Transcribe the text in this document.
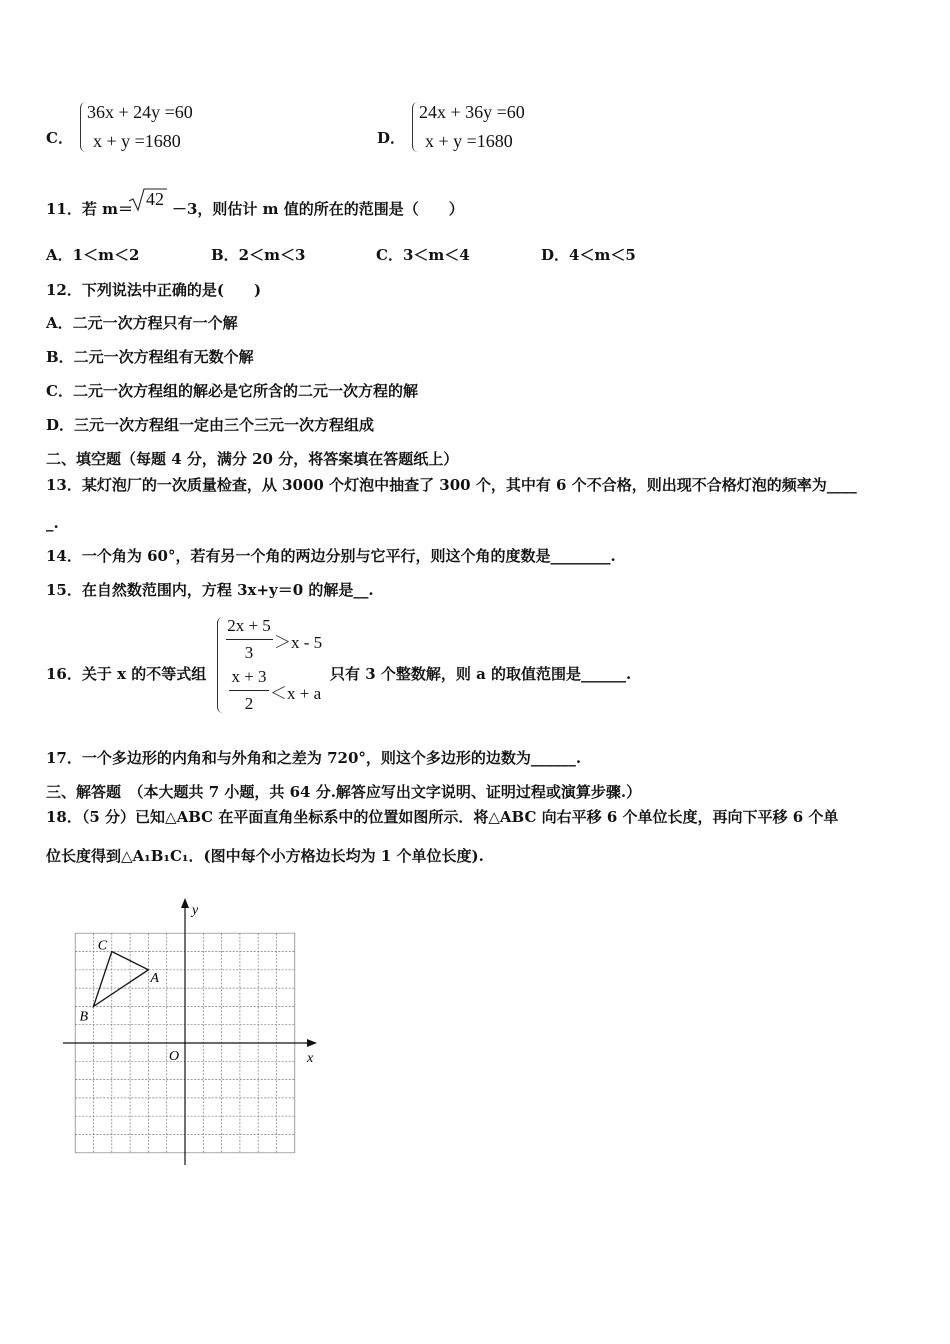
C．
36x + 24y =60
x + y =1680	D．
24x + 36y =60
x + y =1680
11．若 m＝ 42 －3，则估计 m 值的所在的范围是（　　）
A．1＜m＜2	B．2＜m＜3	C．3＜m＜4	D．4＜m＜5
12．下列说法中正确的是(　　)
A．二元一次方程只有一个解
B．二元一次方程组有无数个解
C．二元一次方程组的解必是它所含的二元一次方程的解
D．三元一次方程组一定由三个三元一次方程组成
二、填空题（每题 4 分，满分 20 分，将答案填在答题纸上）
13．某灯泡厂的一次质量检查，从 3000 个灯泡中抽查了 300 个，其中有 6 个不合格，则出现不合格灯泡的频率为____
_.
14．一个角为 60°，若有另一个角的两边分别与它平行，则这个角的度数是________.
15．在自然数范围内，方程 3x+y＝0 的解是__.
16．关于 x 的不等式组
2x + 5
3
＞x - 5
x + 3
2
＜x + a
只有 3 个整数解，则 a 的取值范围是______.
17．一个多边形的内角和与外角和之差为 720°，则这个多边形的边数为______.
三、解答题　（本大题共 7 小题，共 64 分.解答应写出文字说明、证明过程或演算步骤.）
18．（5 分）已知△ABC 在平面直角坐标系中的位置如图所示．将△ABC 向右平移 6 个单位长度，再向下平移 6 个单
位长度得到△A₁B₁C₁．(图中每个小方格边长均为 1 个单位长度).
x
y
O
A
B
C
